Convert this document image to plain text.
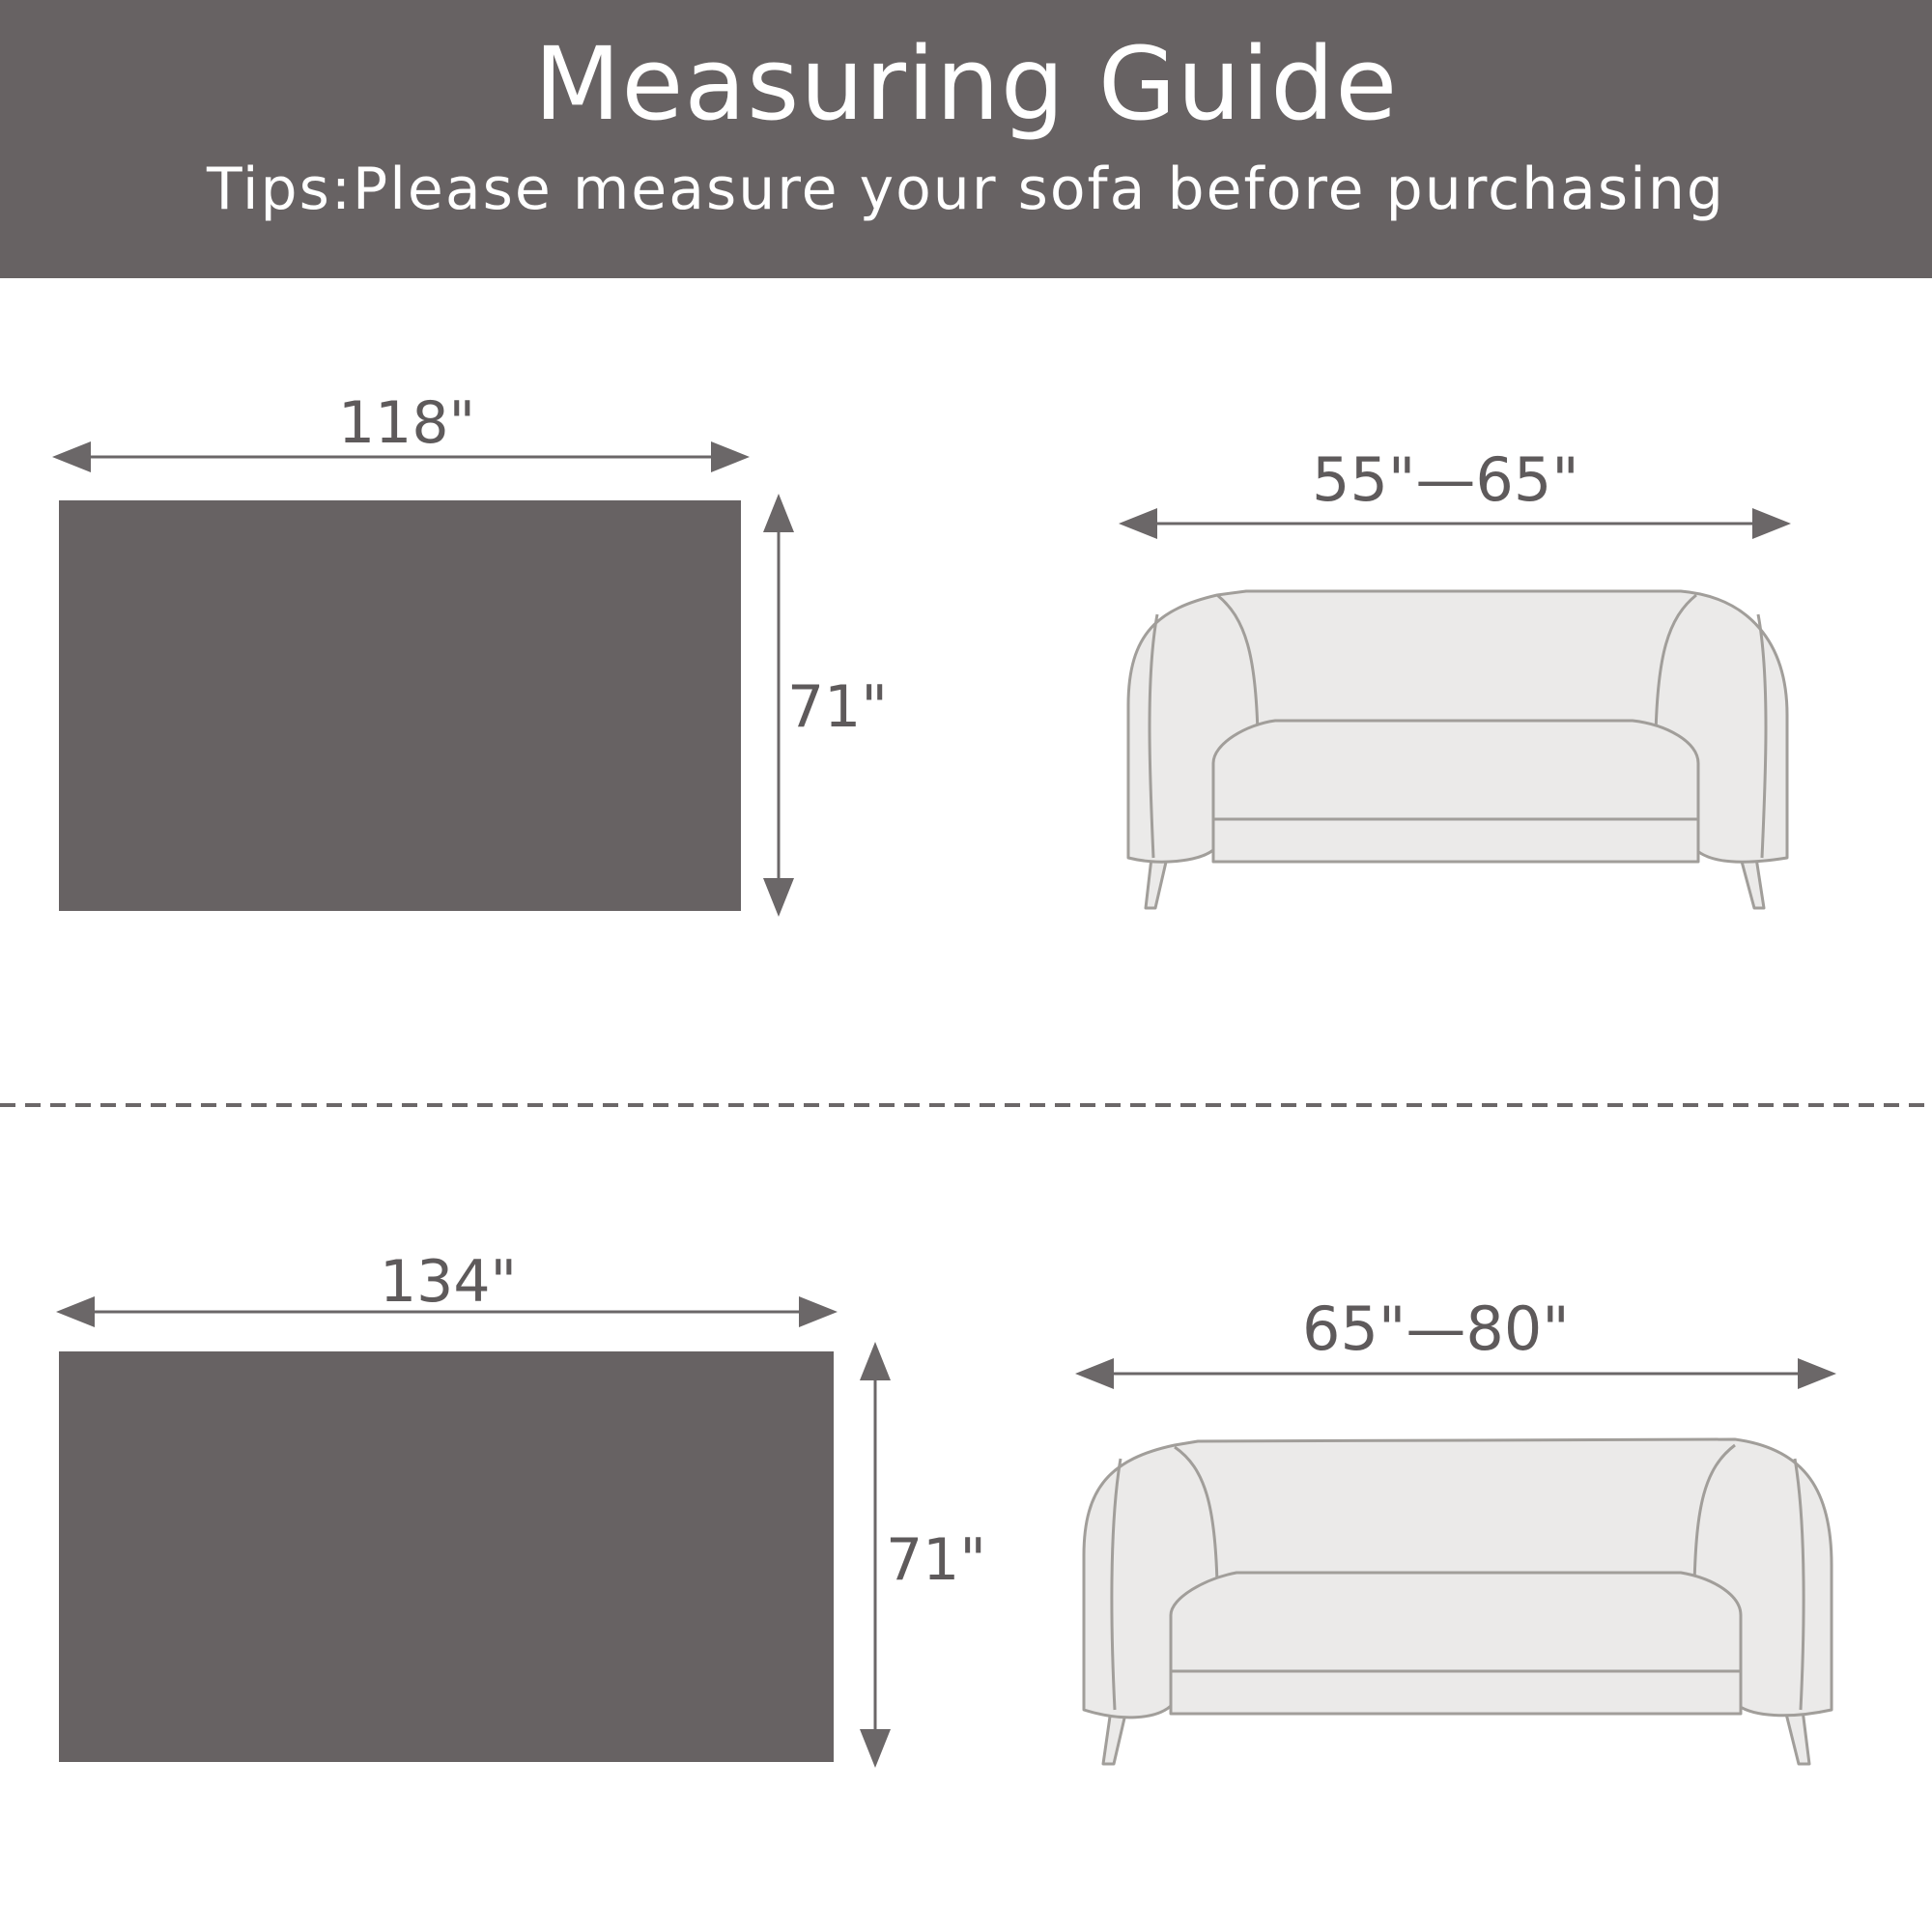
Measuring Guide
Tips:Please measure your sofa before purchasing
118"
71"
55"—65"
134"
71"
65"—80"
